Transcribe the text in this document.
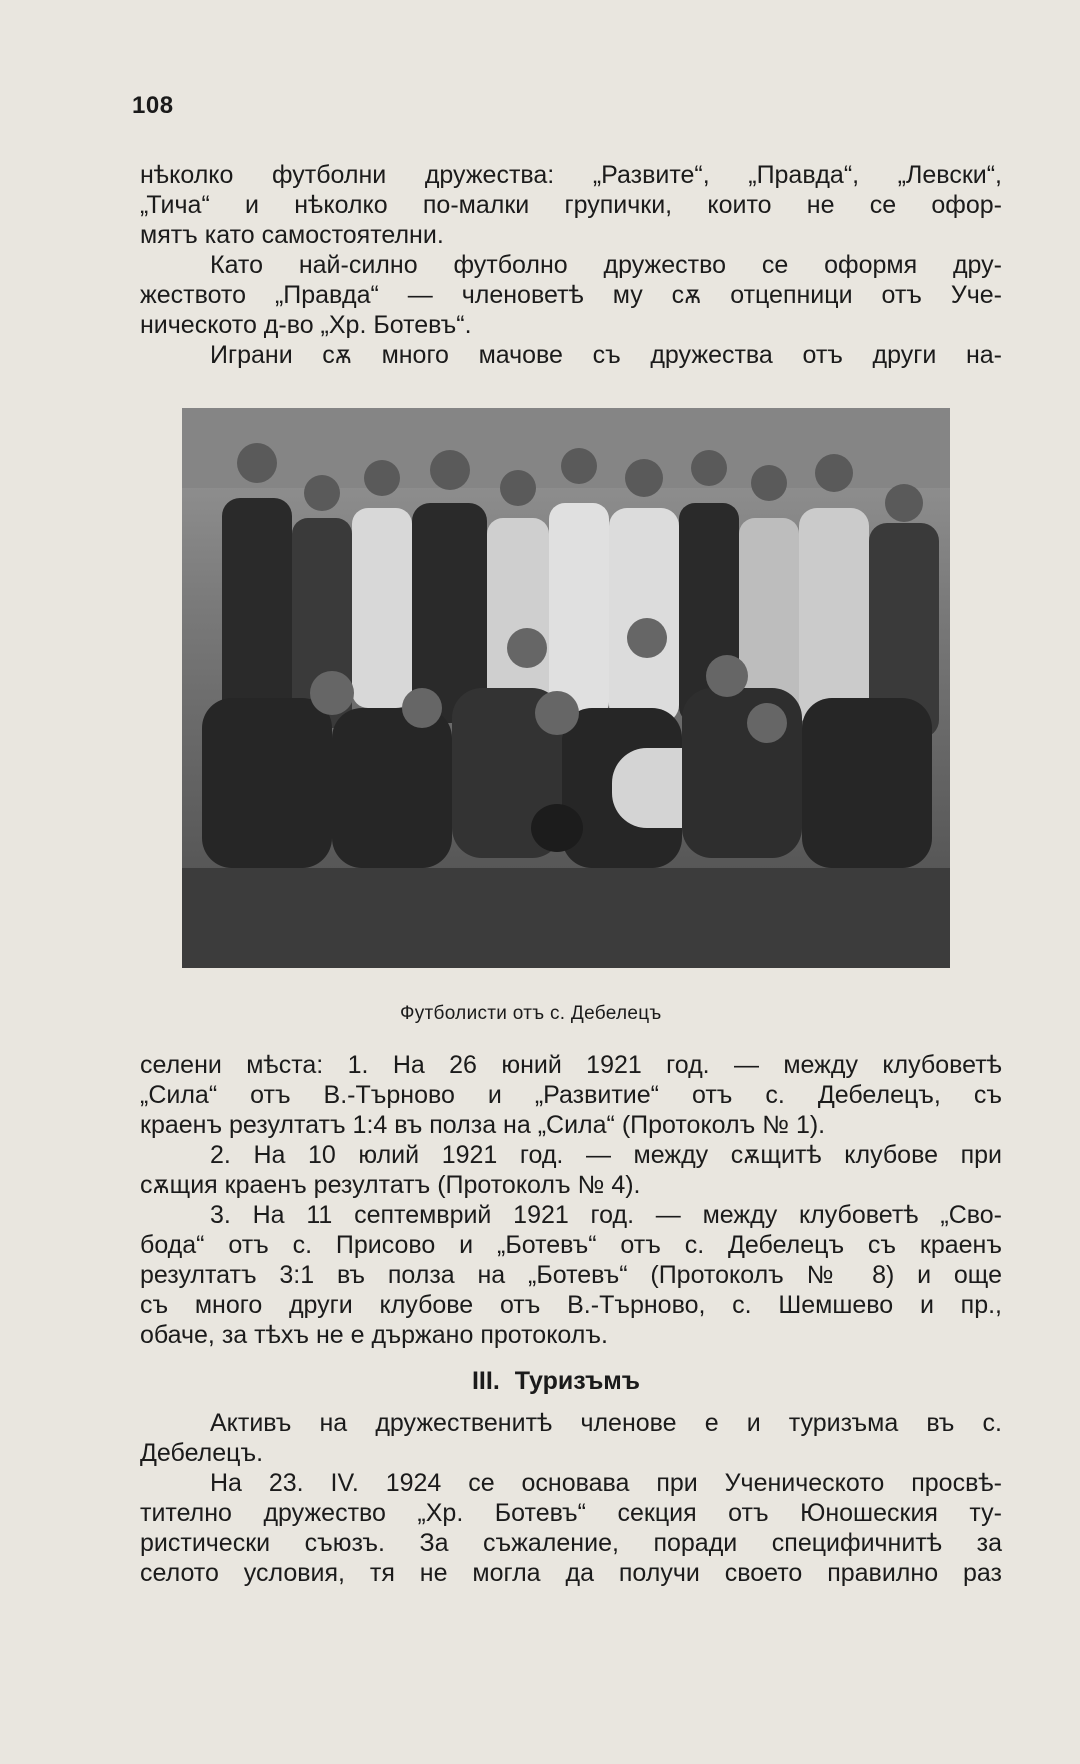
108
нѣколко футболни дружества: „Развите“, „Правда“, „Левски“,
„Тича“ и нѣколко по-малки групички, които не се офор-
мятъ като самостоятелни.
Като най-силно футболно дружество се оформя дру-
жеството „Правда“ — членоветѣ му сѫ отцепници отъ Уче-
ническото д-во „Хр. Ботевъ“.
Играни сѫ много мачове съ дружества отъ други на-
Футболисти отъ с. Дебелецъ
селени мѣста: 1. На 26 юний 1921 год. — между клубоветѣ
„Сила“ отъ В.-Търново и „Развитие“ отъ с. Дебелецъ, съ
краенъ резултатъ 1:4 въ полза на „Сила“ (Протоколъ № 1).
2. На 10 юлий 1921 год. — между сѫщитѣ клубове при
сѫщия краенъ резултатъ (Протоколъ № 4).
3. На 11 септемврий 1921 год. — между клубоветѣ „Сво-
бода“ отъ с. Присово и „Ботевъ“ отъ с. Дебелецъ съ краенъ
резултатъ 3:1 въ полза на „Ботевъ“ (Протоколъ № 8) и още
съ много други клубове отъ В.-Търново, с. Шемшево и пр.,
обаче, за тѣхъ не е държано протоколъ.
III. Туризъмъ
Активъ на дружественитѣ членове е и туризъма въ с.
Дебелецъ.
На 23. IV. 1924 се основава при Ученическото просвѣ-
тително дружество „Хр. Ботевъ“ секция отъ Юношеския ту-
ристически съюзъ. За съжаление, поради специфичнитѣ за
селото условия, тя не могла да получи своето правилно раз
